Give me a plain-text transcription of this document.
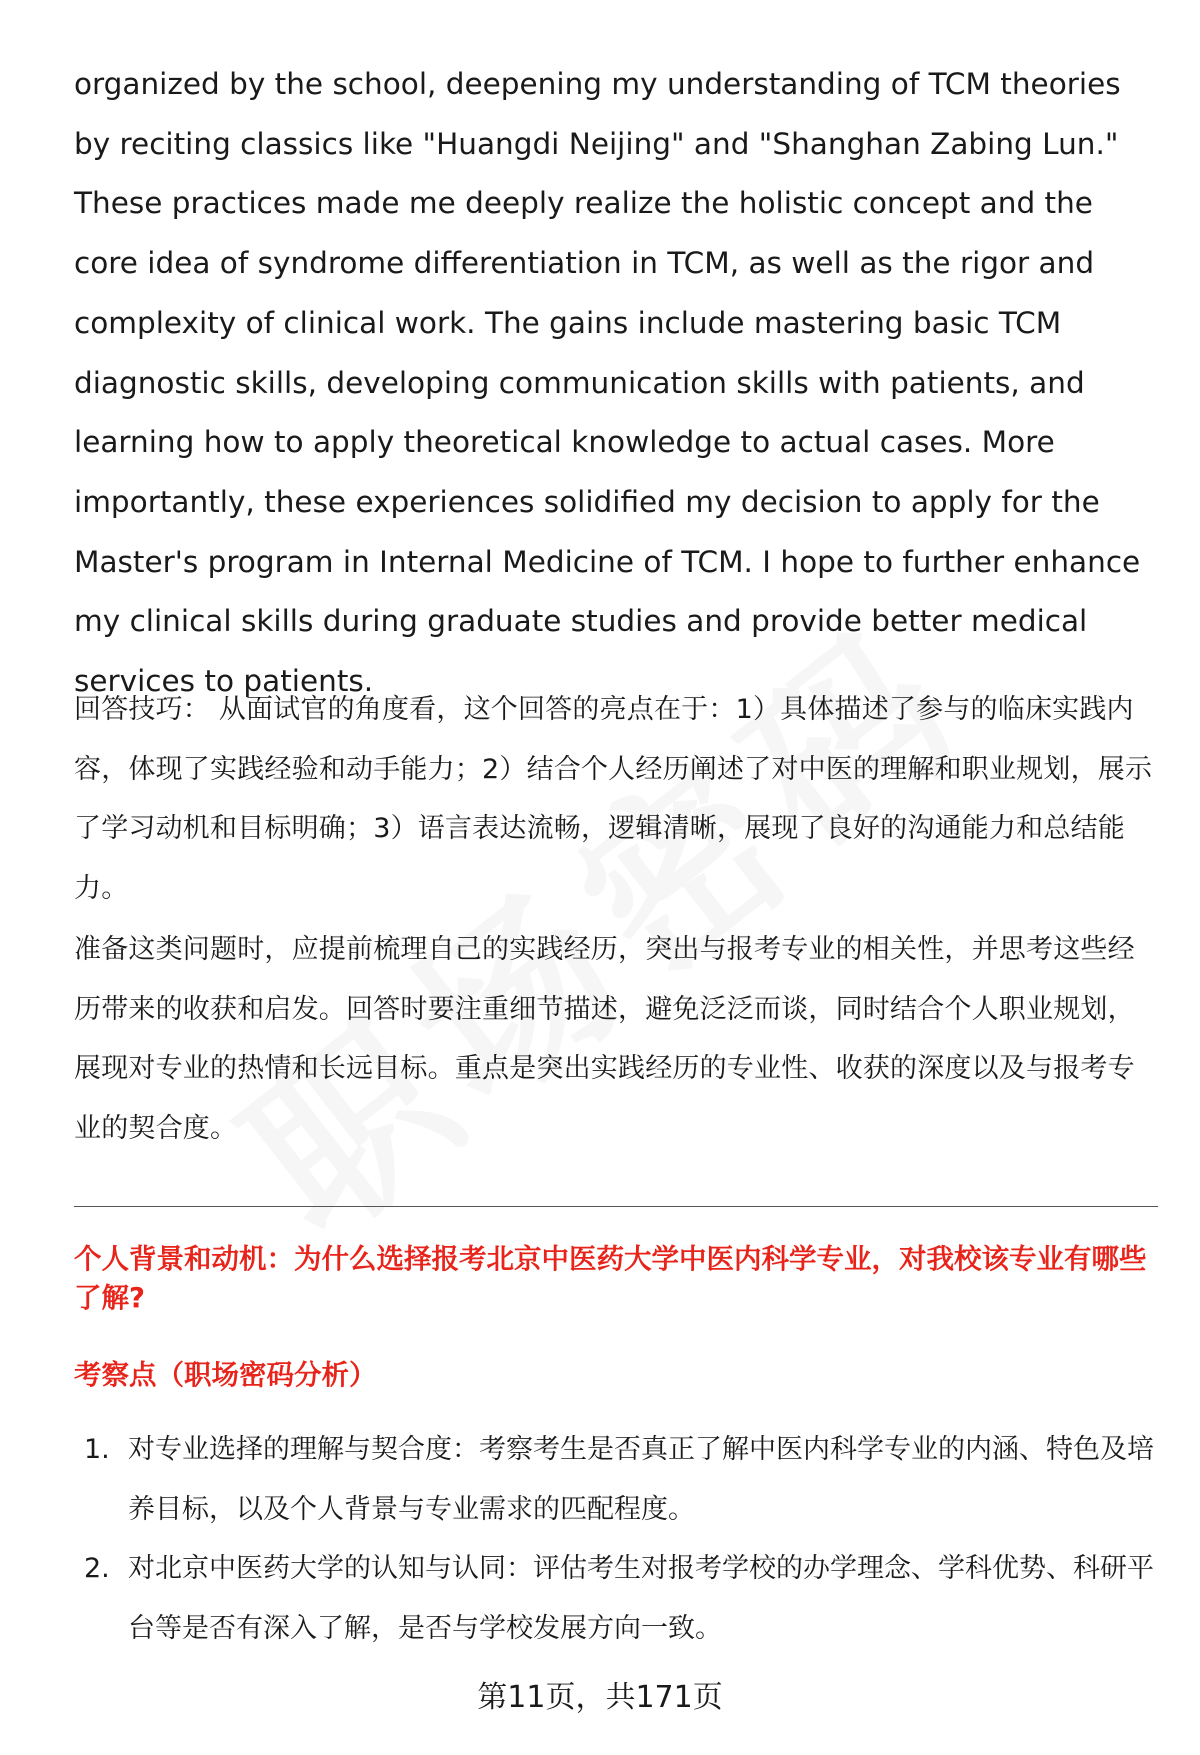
organized by the school, deepening my understanding of TCM theories by reciting classics like "Huangdi Neijing" and "Shanghan Zabing Lun." These practices made me deeply realize the holistic concept and the core idea of syndrome differentiation in TCM, as well as the rigor and complexity of clinical work. The gains include mastering basic TCM diagnostic skills, developing communication skills with patients, and learning how to apply theoretical knowledge to actual cases. More importantly, these experiences solidified my decision to apply for the Master's program in Internal Medicine of TCM. I hope to further enhance my clinical skills during graduate studies and provide better medical services to patients.

回答技巧： 从面试官的角度看，这个回答的亮点在于：1）具体描述了参与的临床实践内容，体现了实践经验和动手能力；2）结合个人经历阐述了对中医的理解和职业规划，展示了学习动机和目标明确；3）语言表达流畅，逻辑清晰，展现了良好的沟通能力和总结能力。

准备这类问题时，应提前梳理自己的实践经历，突出与报考专业的相关性，并思考这些经历带来的收获和启发。回答时要注重细节描述，避免泛泛而谈，同时结合个人职业规划，展现对专业的热情和长远目标。重点是突出实践经历的专业性、收获的深度以及与报考专业的契合度。

个人背景和动机：为什么选择报考北京中医药大学中医内科学专业，对我校该专业有哪些了解?

考察点（职场密码分析）

1. 对专业选择的理解与契合度：考察考生是否真正了解中医内科学专业的内涵、特色及培养目标，以及个人背景与专业需求的匹配程度。
2. 对北京中医药大学的认知与认同：评估考生对报考学校的办学理念、学科优势、科研平台等是否有深入了解，是否与学校发展方向一致。
第11页，共171页
